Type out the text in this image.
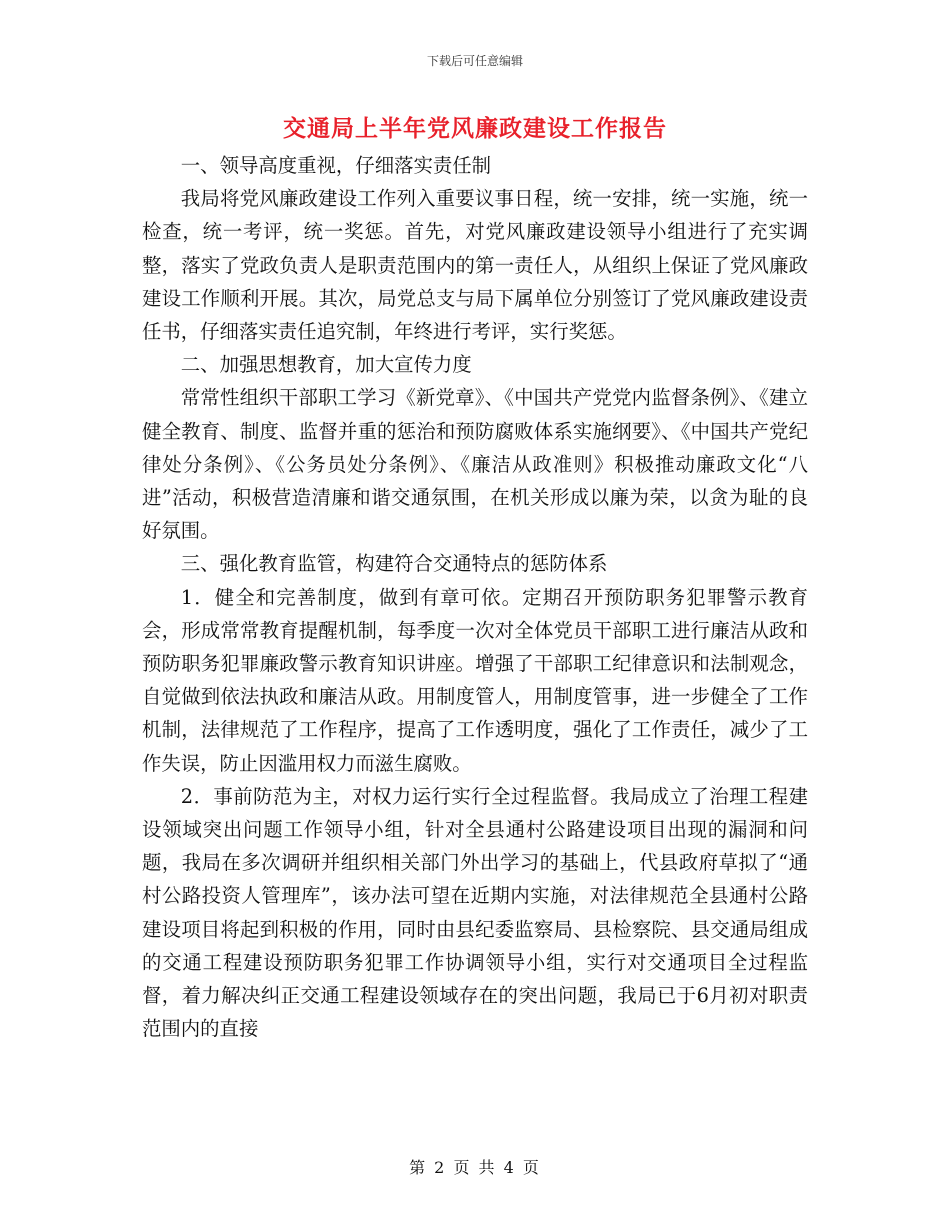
下载后可任意编辑
交通局上半年党风廉政建设工作报告

一、领导高度重视，仔细落实责任制

我局将党风廉政建设工作列入重要议事日程，统一安排，统一实施，统一检查，统一考评，统一奖惩。首先，对党风廉政建设领导小组进行了充实调整，落实了党政负责人是职责范围内的第一责任人，从组织上保证了党风廉政建设工作顺利开展。其次，局党总支与局下属单位分别签订了党风廉政建设责任书，仔细落实责任追究制，年终进行考评，实行奖惩。

二、加强思想教育，加大宣传力度

常常性组织干部职工学习《新党章》、《中国共产党党内监督条例》、《建立健全教育、制度、监督并重的惩治和预防腐败体系实施纲要》、《中国共产党纪律处分条例》、《公务员处分条例》、《廉洁从政准则》积极推动廉政文化“八进”活动，积极营造清廉和谐交通氛围，在机关形成以廉为荣，以贪为耻的良好氛围。

三、强化教育监管，构建符合交通特点的惩防体系

1．健全和完善制度，做到有章可依。定期召开预防职务犯罪警示教育会，形成常常教育提醒机制，每季度一次对全体党员干部职工进行廉洁从政和预防职务犯罪廉政警示教育知识讲座。增强了干部职工纪律意识和法制观念，自觉做到依法执政和廉洁从政。用制度管人，用制度管事，进一步健全了工作机制，法律规范了工作程序，提高了工作透明度，强化了工作责任，减少了工作失误，防止因滥用权力而滋生腐败。

2．事前防范为主，对权力运行实行全过程监督。我局成立了治理工程建设领域突出问题工作领导小组，针对全县通村公路建设项目出现的漏洞和问题，我局在多次调研并组织相关部门外出学习的基础上，代县政府草拟了“通村公路投资人管理库”，该办法可望在近期内实施，对法律规范全县通村公路建设项目将起到积极的作用，同时由县纪委监察局、县检察院、县交通局组成的交通工程建设预防职务犯罪工作协调领导小组，实行对交通项目全过程监督，着力解决纠正交通工程建设领域存在的突出问题，我局已于6月初对职责范围内的直接

第 2 页 共 4 页
